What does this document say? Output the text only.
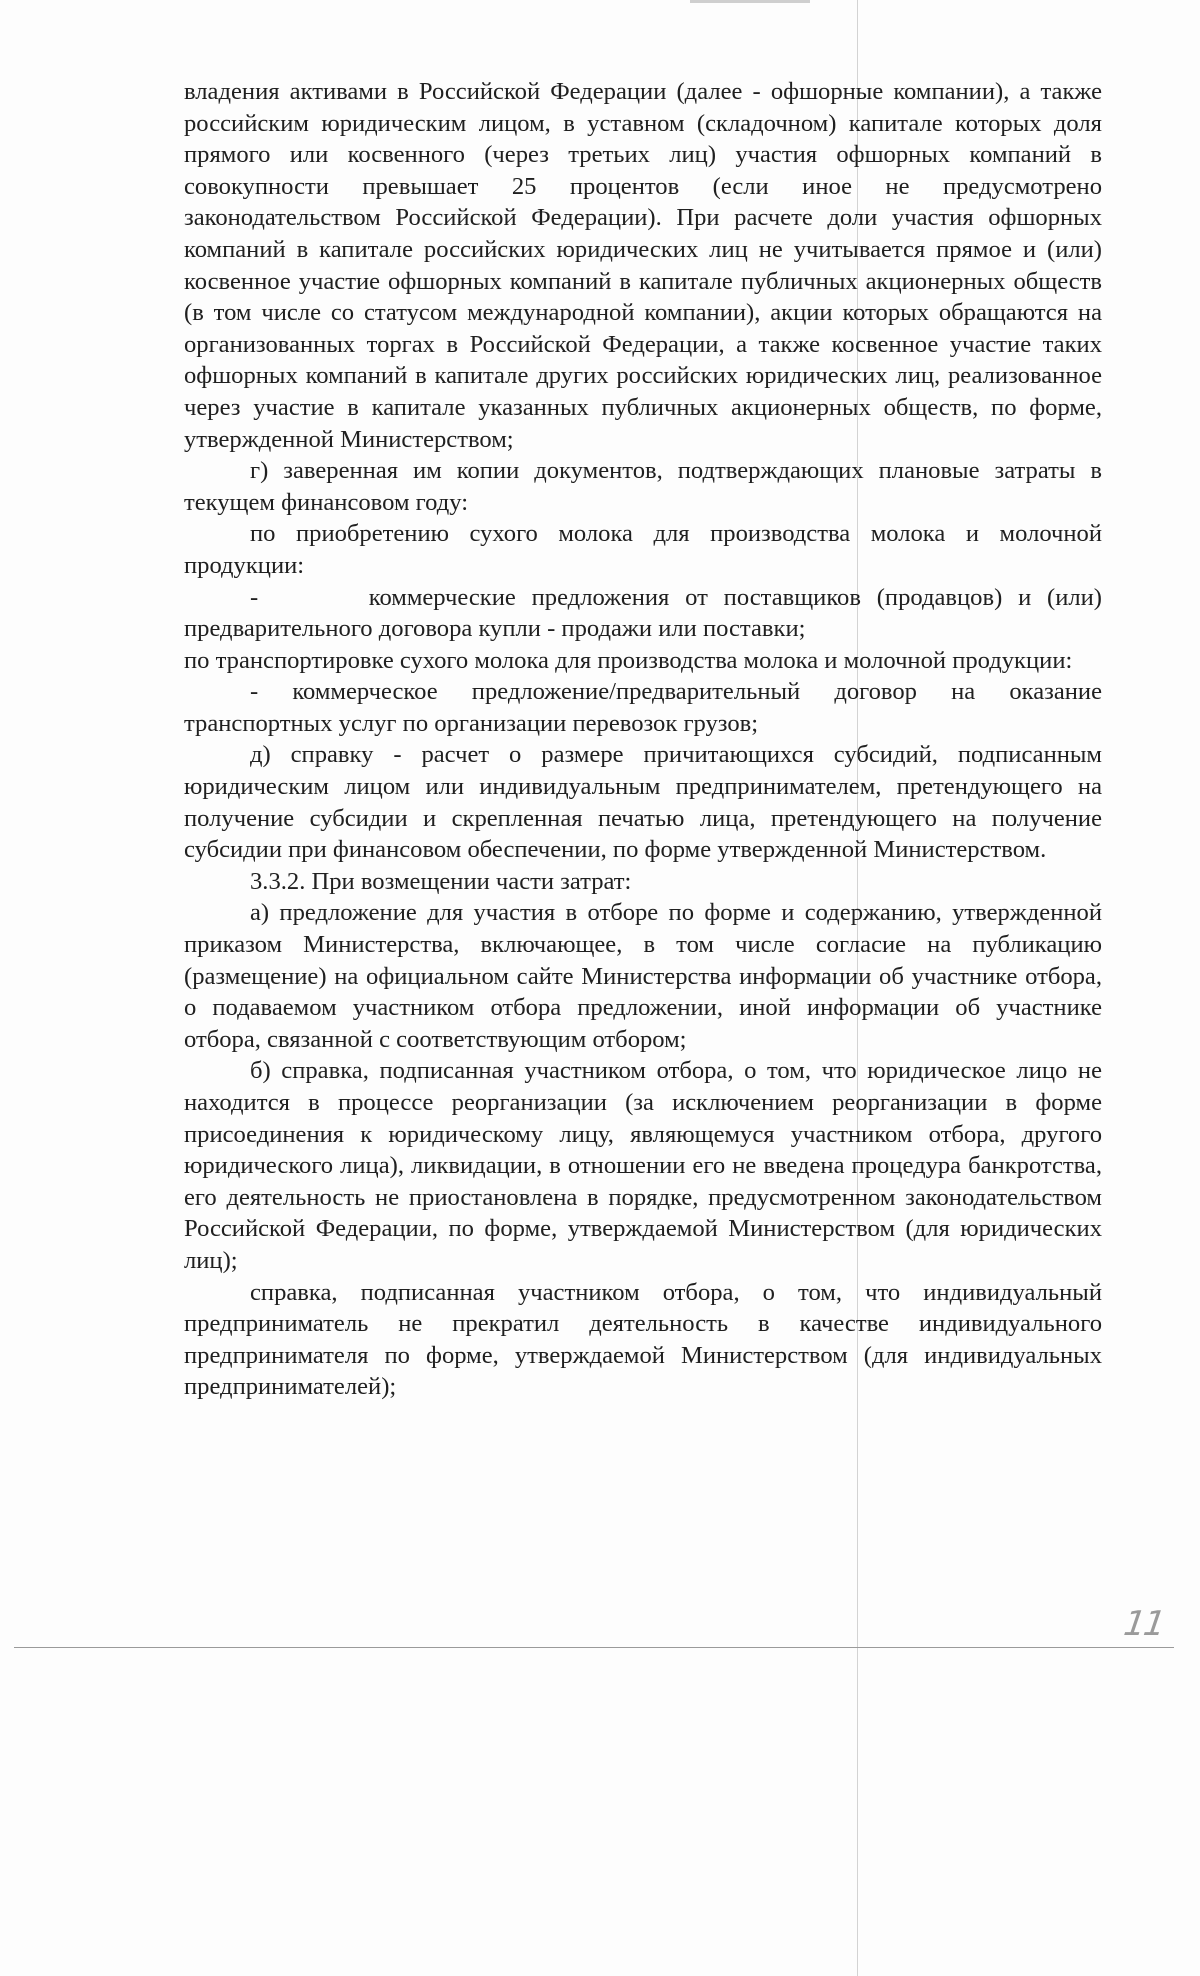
владения активами в Российской Федерации (далее - офшорные компании), а также российским юридическим лицом, в уставном (складочном) капитале которых доля прямого или косвенного (через третьих лиц) участия офшорных компаний в совокупности превышает 25 процентов (если иное не предусмотрено законодательством Российской Федерации). При расчете доли участия офшорных компаний в капитале российских юридических лиц не учитывается прямое и (или) косвенное участие офшорных компаний в капитале публичных акционерных обществ (в том числе со статусом международной компании), акции которых обращаются на организованных торгах в Российской Федерации, а также косвенное участие таких офшорных компаний в капитале других российских юридических лиц, реализованное через участие в капитале указанных публичных акционерных обществ, по форме, утвержденной Министерством;

г) заверенная им копии документов, подтверждающих плановые затраты в текущем финансовом году:

по приобретению сухого молока для производства молока и молочной продукции:

-       коммерческие предложения от поставщиков (продавцов) и (или) предварительного договора купли - продажи или поставки;

по транспортировке сухого молока для производства молока и молочной продукции:

- коммерческое предложение/предварительный договор на оказание транспортных услуг по организации перевозок грузов;

д) справку - расчет о размере причитающихся субсидий, подписанным юридическим лицом или индивидуальным предпринимателем, претендующего на получение субсидии и скрепленная печатью лица, претендующего на получение субсидии при финансовом обеспечении, по форме утвержденной Министерством.

3.3.2. При возмещении части затрат:

а) предложение для участия в отборе по форме и содержанию, утвержденной приказом Министерства, включающее, в том числе согласие на публикацию (размещение) на официальном сайте Министерства информации об участнике отбора, о подаваемом участником отбора предложении, иной информации об участнике отбора, связанной с соответствующим отбором;

б) справка, подписанная участником отбора, о том, что юридическое лицо не находится в процессе реорганизации (за исключением реорганизации в форме присоединения к юридическому лицу, являющемуся участником отбора, другого юридического лица), ликвидации, в отношении его не введена процедура банкротства, его деятельность не приостановлена в порядке, предусмотренном законодательством Российской Федерации, по форме, утверждаемой Министерством (для юридических лиц);

справка, подписанная участником отбора, о том, что индивидуальный предприниматель не прекратил деятельность в качестве индивидуального предпринимателя по форме, утверждаемой Министерством (для индивидуальных предпринимателей);

11
